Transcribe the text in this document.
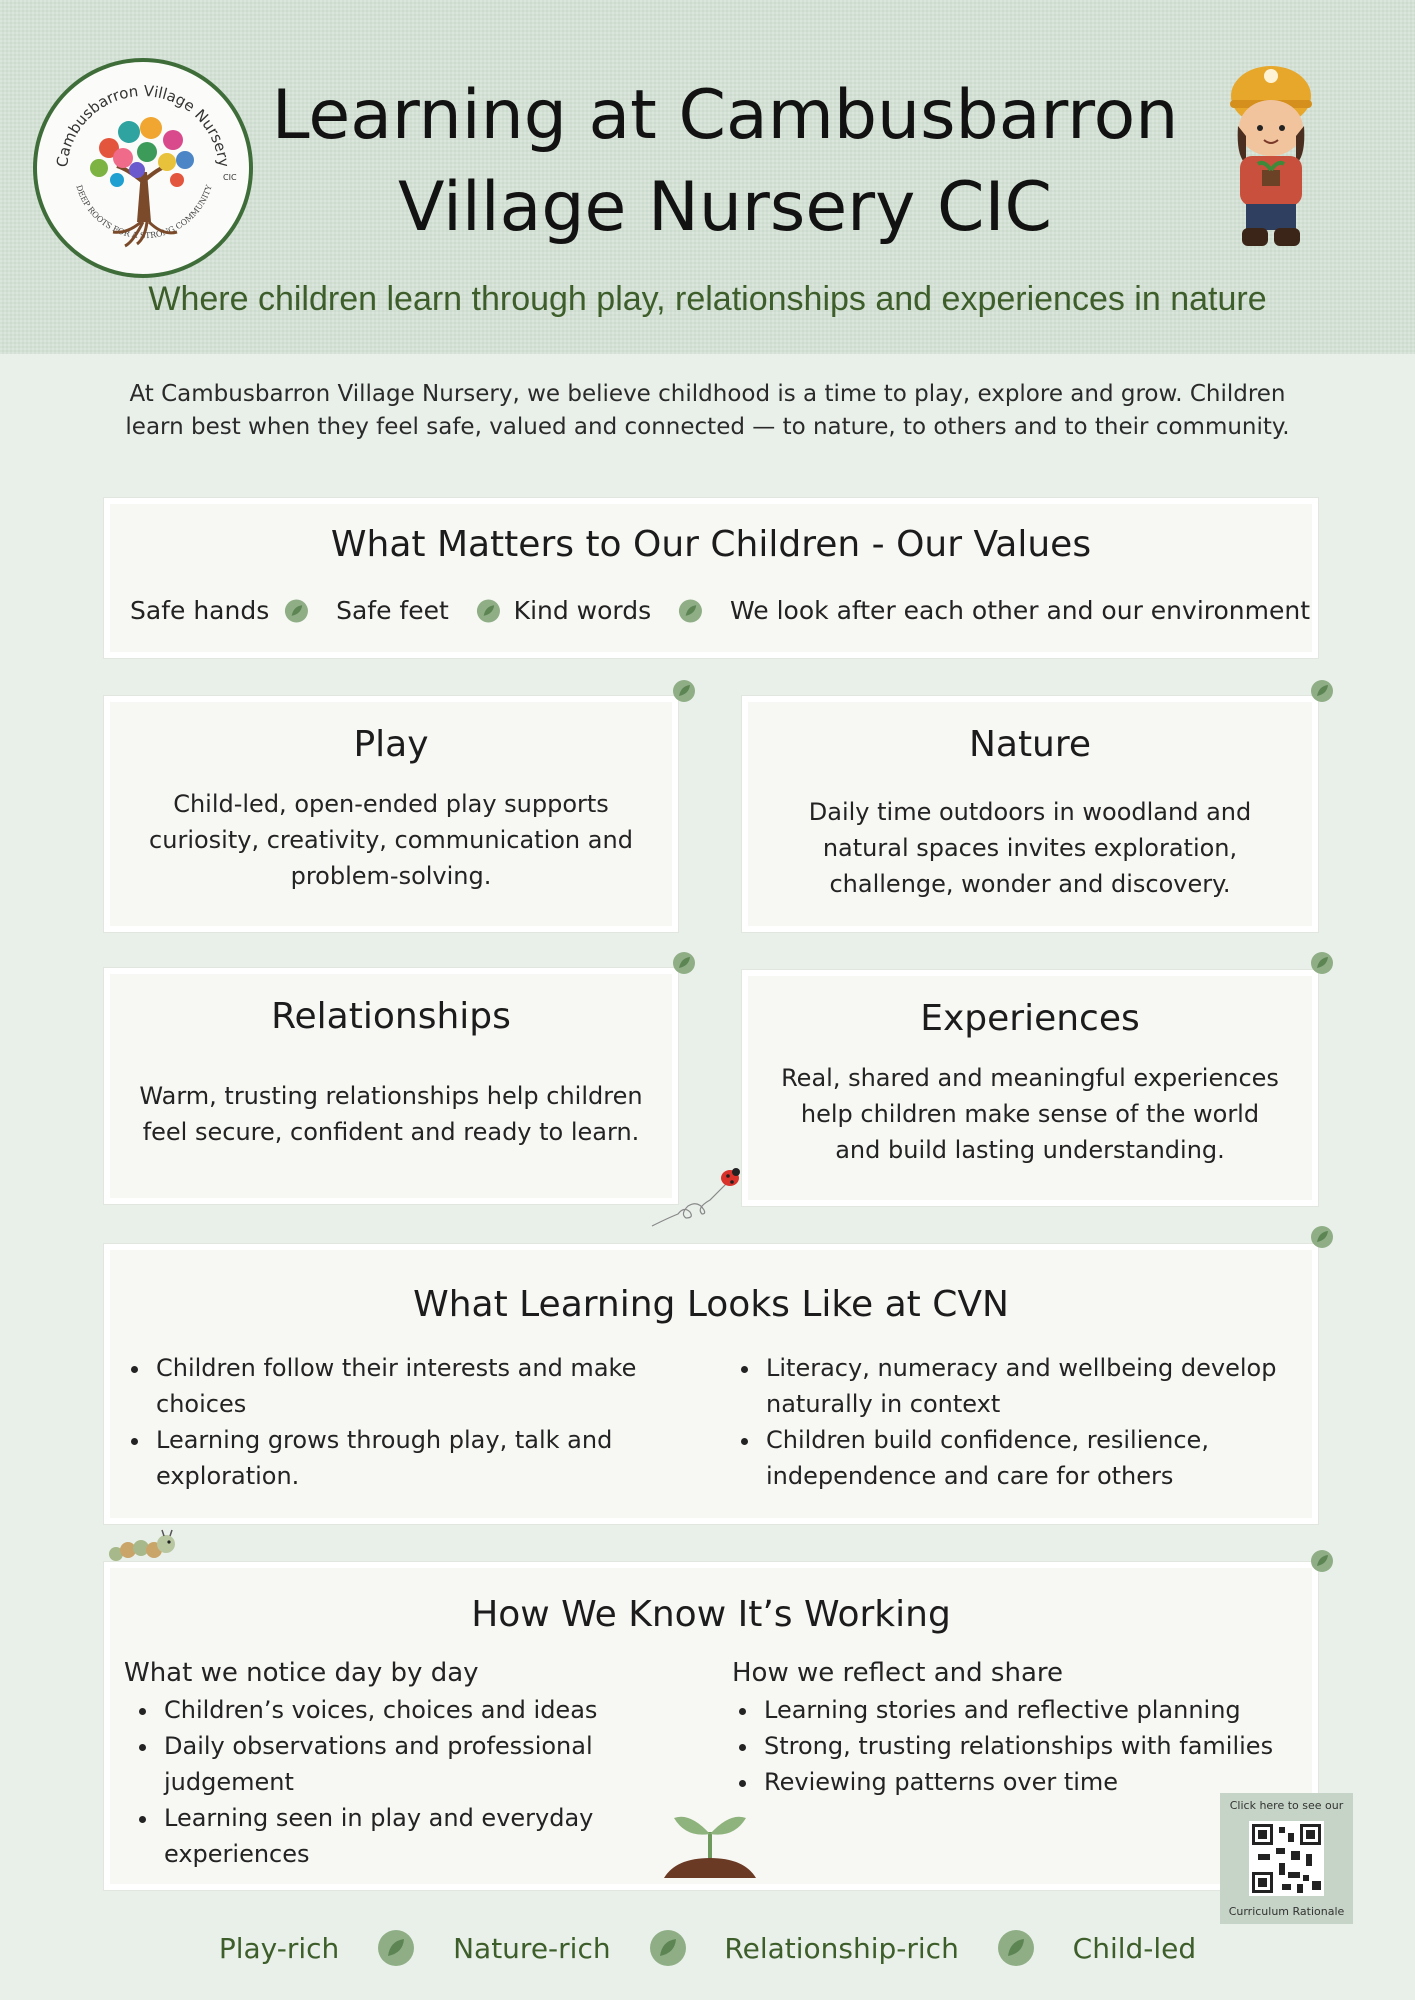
Cambusbarron Village Nursery
CIC
DEEP ROOTS FOR A STRONG COMMUNITY
Learning at Cambusbarron
Village Nursery CIC
Where children learn through play, relationships and experiences in nature
At Cambusbarron Village Nursery, we believe childhood is a time to play, explore and grow. Children
learn best when they feel safe, valued and connected — to nature, to others and to their community.
What Matters to Our Children - Our Values
Safe hands	Safe feet	Kind words	We look after each other and our environment
Play

Child-led, open-ended play supports
curiosity, creativity, communication and
problem-solving.

Nature

Daily time outdoors in woodland and
natural spaces invites exploration,
challenge, wonder and discovery.

Relationships

Warm, trusting relationships help children
feel secure, confident and ready to learn.

Experiences

Real, shared and meaningful experiences
help children make sense of the world
and build lasting understanding.

What Learning Looks Like at CVN
• Children follow their interests and make choices
• Learning grows through play, talk and exploration.
• Literacy, numeracy and wellbeing develop naturally in context
• Children build confidence, resilience, independence and care for others
How We Know It’s Working

What we notice day by day

• Children’s voices, choices and ideas
• Daily observations and professional judgement
• Learning seen in play and everyday experiences

How we reflect and share

• Learning stories and reflective planning
• Strong, trusting relationships with families
• Reviewing patterns over time
Click here to see our
Curriculum Rationale
Play-rich	Nature-rich	Relationship-rich	Child-led
